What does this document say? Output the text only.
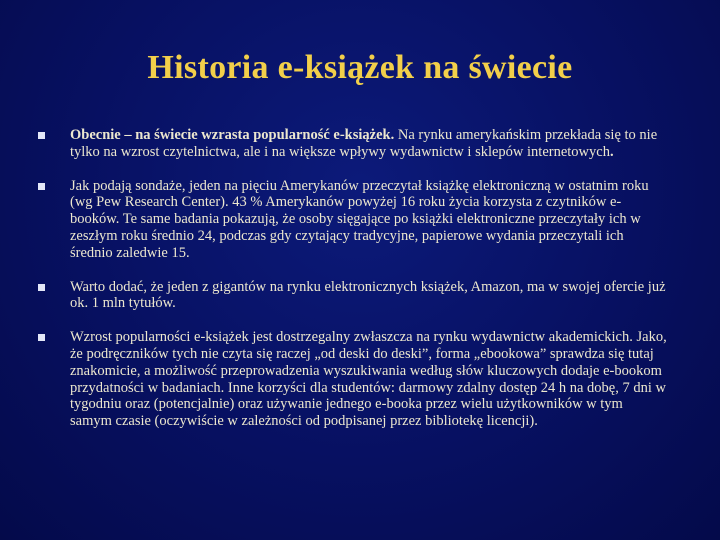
Historia e-książek na świecie
Obecnie – na świecie wzrasta popularność e-książek. Na rynku amerykańskim przekłada się to nie tylko na wzrost czytelnictwa, ale i na większe wpływy wydawnictw i sklepów internetowych.
Jak podają sondaże, jeden na pięciu Amerykanów przeczytał książkę elektroniczną w ostatnim roku (wg Pew Research Center). 43 % Amerykanów powyżej 16 roku życia korzysta z czytników e-booków. Te same badania pokazują, że osoby sięgające po książki elektroniczne przeczytały ich w zeszłym roku średnio 24, podczas gdy czytający tradycyjne, papierowe wydania przeczytali ich średnio zaledwie 15.
Warto dodać, że jeden z gigantów na rynku elektronicznych książek, Amazon, ma w swojej ofercie już ok. 1 mln tytułów.
Wzrost popularności e-książek jest dostrzegalny zwłaszcza na rynku wydawnictw akademickich. Jako, że podręczników tych nie czyta się raczej „od deski do deski”, forma „ebookowa” sprawdza się tutaj znakomicie, a możliwość przeprowadzenia wyszukiwania według słów kluczowych dodaje e-bookom przydatności w badaniach. Inne korzyści dla studentów: darmowy zdalny dostęp 24 h na dobę, 7 dni w tygodniu oraz (potencjalnie) oraz używanie jednego e-booka przez wielu użytkowników w tym samym czasie (oczywiście w zależności od podpisanej przez bibliotekę licencji).
